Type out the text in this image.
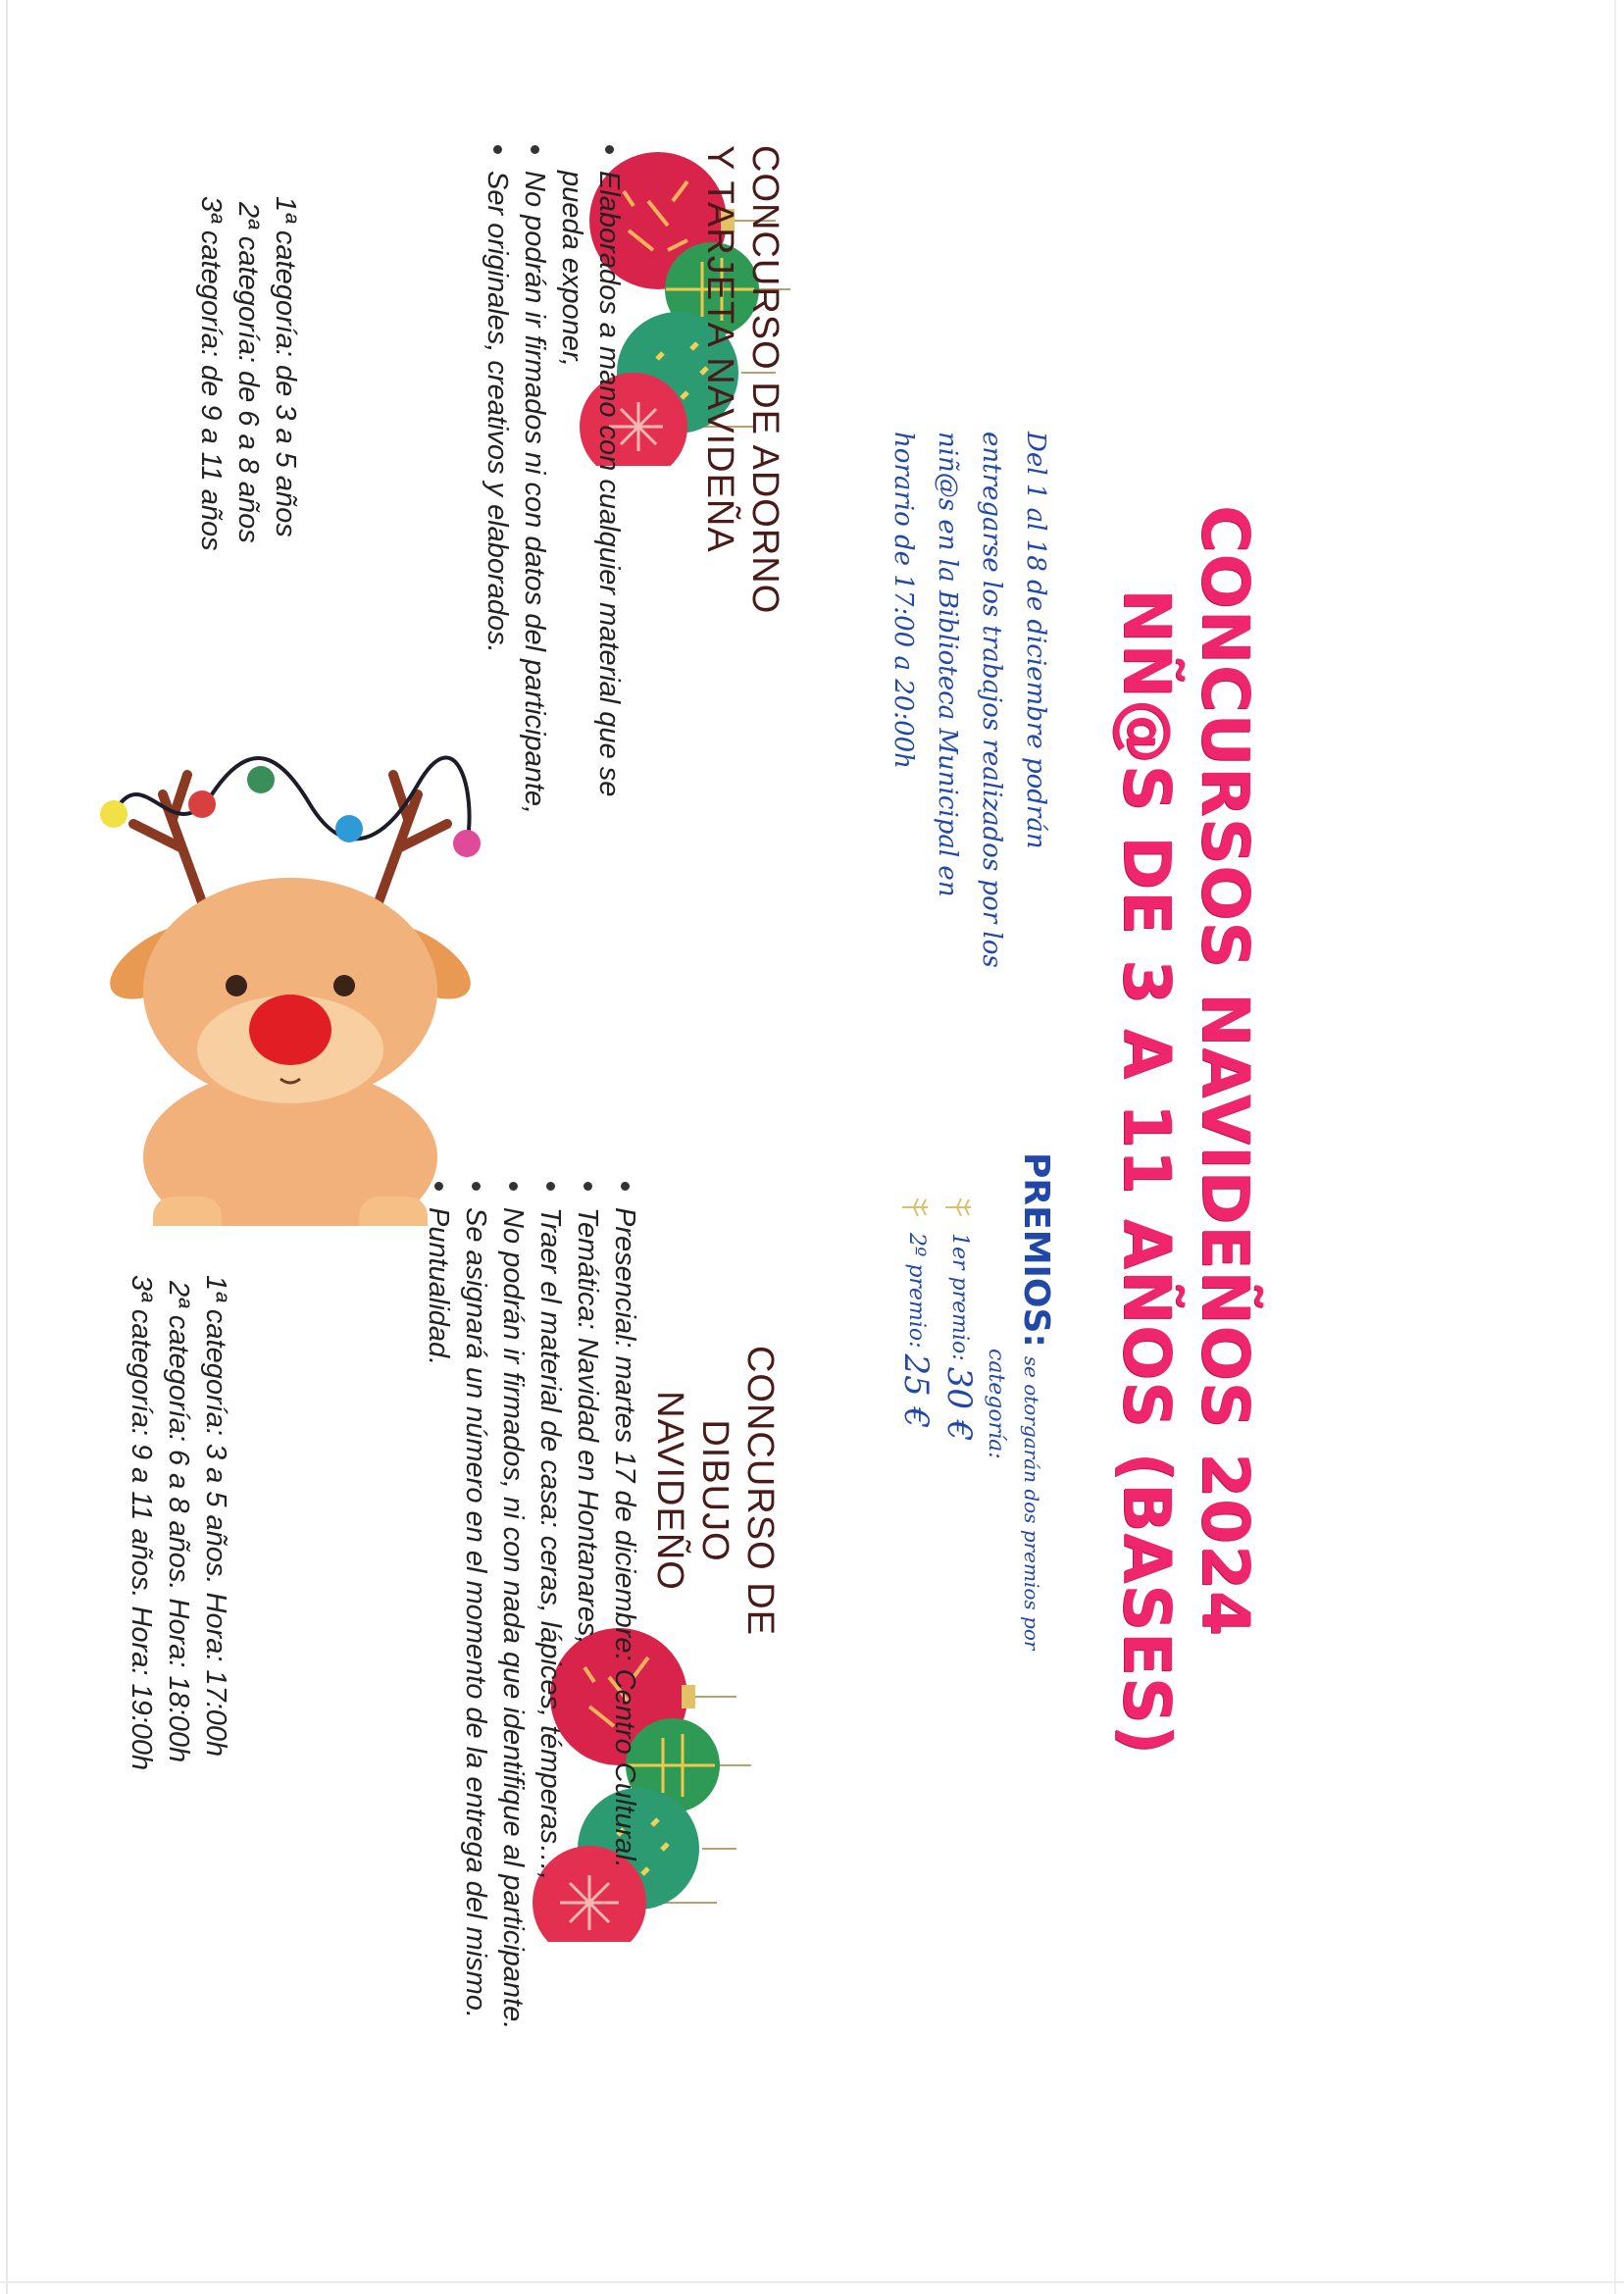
CONCURSOS NAVIDEÑOS 2024
NÑ@S DE 3 A 11 AÑOS (BASES)

Del 1 al 18 de diciembre podrán

entregarse los trabajos realizados por los

niñ@s en la Biblioteca Municipal en

horario de 17:00 a 20:00h

PREMIOS: se otorgarán dos premios por
categoría:
1er premio:
30 €
2º premio:
25 €
CONCURSO DE ADORNO
Y TARJETA NAVIDEÑA
Elaborados a mano con cualquier material que se pueda exponer,
No podrán ir firmados ni con datos del participante,
Ser originales, creativos y elaborados.
1ª categoría: de 3 a 5 años
2ª categoría: de 6 a 8 años
3ª categoría: de 9 a 11 años
CONCURSO DE DIBUJO
NAVIDEÑO
Presencial: martes 17 de diciembre: Centro Cultural.
Temática: Navidad en Hontanares,
Traer el material de casa: ceras, lápices, témperas…,
No podrán ir firmados, ni con nada que identifique al participante.
Se asignará un número en el momento de la entrega del mismo.
Puntualidad.
1ª categoría: 3 a 5 años. Hora: 17:00h
2ª categoría: 6 a 8 años. Hora: 18:00h
3ª categoría: 9 a 11 años. Hora: 19:00h
